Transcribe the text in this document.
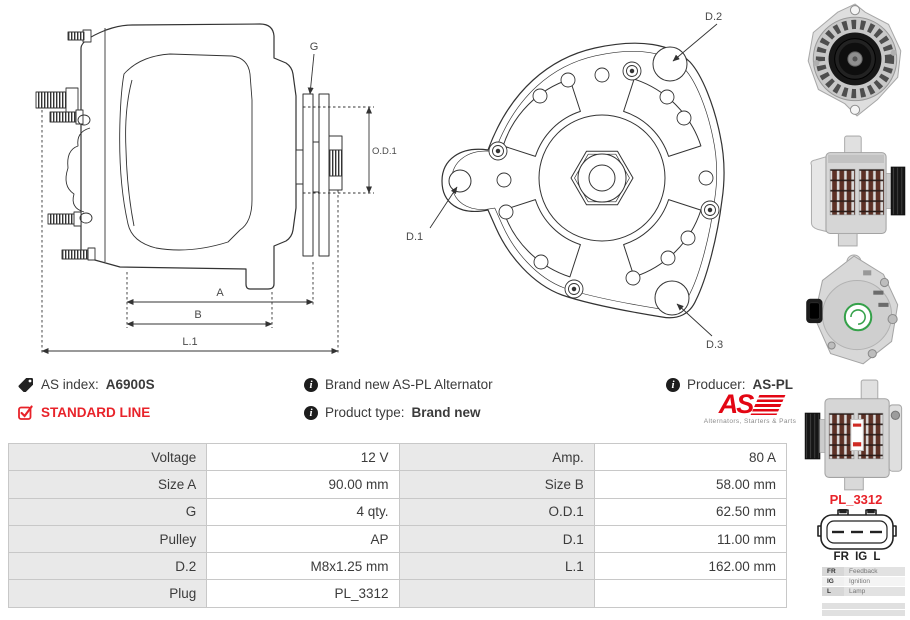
G
O.D.1
A
B
L.1
D.2
D.1
D.3
AS index: A6900S	i Brand new AS-PL Alternator	i Producer: AS-PL
STANDARD LINE	i Product type: Brand new	AS
Alternators, Starters & Parts
Voltage	12 V	Amp.	80 A
Size A	90.00 mm	Size B	58.00 mm
G	4 qty.	O.D.1	62.50 mm
Pulley	AP	D.1	11.00 mm
D.2	M8x1.25 mm	L.1	162.00 mm
Plug	PL_3312		
PL_3312
FR IG L
FR	Feedback
IG	Ignition
L	Lamp
